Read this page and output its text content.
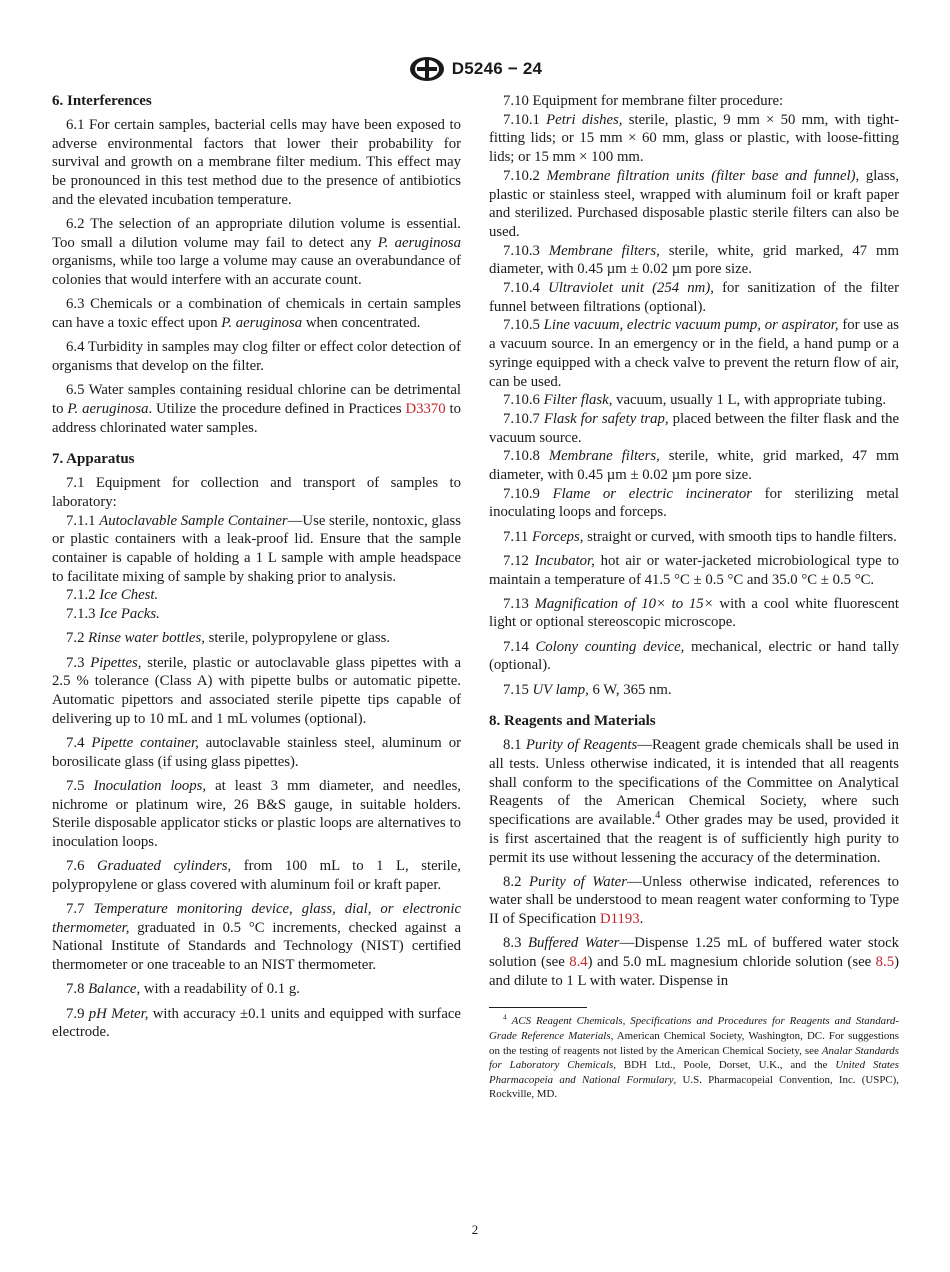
D5246 − 24
6. Interferences

6.1 For certain samples, bacterial cells may have been exposed to adverse environmental factors that lower their probability for survival and growth on a membrane filter medium. This effect may be pronounced in this test method due to the presence of antibiotics and the elevated incubation temperature.

6.2 The selection of an appropriate dilution volume is essential. Too small a dilution volume may fail to detect any P. aeruginosa organisms, while too large a volume may cause an overabundance of colonies that would interfere with an accurate count.

6.3 Chemicals or a combination of chemicals in certain samples can have a toxic effect upon P. aeruginosa when concentrated.

6.4 Turbidity in samples may clog filter or effect color detection of organisms that develop on the filter.

6.5 Water samples containing residual chlorine can be detrimental to P. aeruginosa. Utilize the procedure defined in Practices D3370 to address chlorinated water samples.

7. Apparatus

7.1 Equipment for collection and transport of samples to laboratory:

7.1.1 Autoclavable Sample Container—Use sterile, nontoxic, glass or plastic containers with a leak-proof lid. Ensure that the sample container is capable of holding a 1 L sample with ample headspace to facilitate mixing of sample by shaking prior to analysis.

7.1.2 Ice Chest.

7.1.3 Ice Packs.

7.2 Rinse water bottles, sterile, polypropylene or glass.

7.3 Pipettes, sterile, plastic or autoclavable glass pipettes with a 2.5 % tolerance (Class A) with pipette bulbs or automatic pipette. Automatic pipettors and associated sterile pipette tips capable of delivering up to 10 mL and 1 mL volumes (optional).

7.4 Pipette container, autoclavable stainless steel, aluminum or borosilicate glass (if using glass pipettes).

7.5 Inoculation loops, at least 3 mm diameter, and needles, nichrome or platinum wire, 26 B&S gauge, in suitable holders. Sterile disposable applicator sticks or plastic loops are alternatives to inoculation loops.

7.6 Graduated cylinders, from 100 mL to 1 L, sterile, polypropylene or glass covered with aluminum foil or kraft paper.

7.7 Temperature monitoring device, glass, dial, or electronic thermometer, graduated in 0.5 °C increments, checked against a National Institute of Standards and Technology (NIST) certified thermometer or one traceable to an NIST thermometer.

7.8 Balance, with a readability of 0.1 g.

7.9 pH Meter, with accuracy ±0.1 units and equipped with surface electrode.

7.10 Equipment for membrane filter procedure:

7.10.1 Petri dishes, sterile, plastic, 9 mm × 50 mm, with tight-fitting lids; or 15 mm × 60 mm, glass or plastic, with loose-fitting lids; or 15 mm × 100 mm.

7.10.2 Membrane filtration units (filter base and funnel), glass, plastic or stainless steel, wrapped with aluminum foil or kraft paper and sterilized. Purchased disposable plastic sterile filters can also be used.

7.10.3 Membrane filters, sterile, white, grid marked, 47 mm diameter, with 0.45 µm ± 0.02 µm pore size.

7.10.4 Ultraviolet unit (254 nm), for sanitization of the filter funnel between filtrations (optional).

7.10.5 Line vacuum, electric vacuum pump, or aspirator, for use as a vacuum source. In an emergency or in the field, a hand pump or a syringe equipped with a check valve to prevent the return flow of air, can be used.

7.10.6 Filter flask, vacuum, usually 1 L, with appropriate tubing.

7.10.7 Flask for safety trap, placed between the filter flask and the vacuum source.

7.10.8 Membrane filters, sterile, white, grid marked, 47 mm diameter, with 0.45 µm ± 0.02 µm pore size.

7.10.9 Flame or electric incinerator for sterilizing metal inoculating loops and forceps.

7.11 Forceps, straight or curved, with smooth tips to handle filters.

7.12 Incubator, hot air or water-jacketed microbiological type to maintain a temperature of 41.5 °C ± 0.5 °C and 35.0 °C ± 0.5 °C.

7.13 Magnification of 10× to 15× with a cool white fluorescent light or optional stereoscopic microscope.

7.14 Colony counting device, mechanical, electric or hand tally (optional).

7.15 UV lamp, 6 W, 365 nm.

8. Reagents and Materials

8.1 Purity of Reagents—Reagent grade chemicals shall be used in all tests. Unless otherwise indicated, it is intended that all reagents shall conform to the specifications of the Committee on Analytical Reagents of the American Chemical Society, where such specifications are available.$^4$ Other grades may be used, provided it is first ascertained that the reagent is of sufficiently high purity to permit its use without lessening the accuracy of the determination.

8.2 Purity of Water—Unless otherwise indicated, references to water shall be understood to mean reagent water conforming to Type II of Specification D1193.

8.3 Buffered Water—Dispense 1.25 mL of buffered water stock solution (see 8.4) and 5.0 mL magnesium chloride solution (see 8.5) and dilute to 1 L with water. Dispense in

$^4$ ACS Reagent Chemicals, Specifications and Procedures for Reagents and Standard-Grade Reference Materials, American Chemical Society, Washington, DC. For suggestions on the testing of reagents not listed by the American Chemical Society, see Analar Standards for Laboratory Chemicals, BDH Ltd., Poole, Dorset, U.K., and the United States Pharmacopeia and National Formulary, U.S. Pharmacopeial Convention, Inc. (USPC), Rockville, MD.

2
